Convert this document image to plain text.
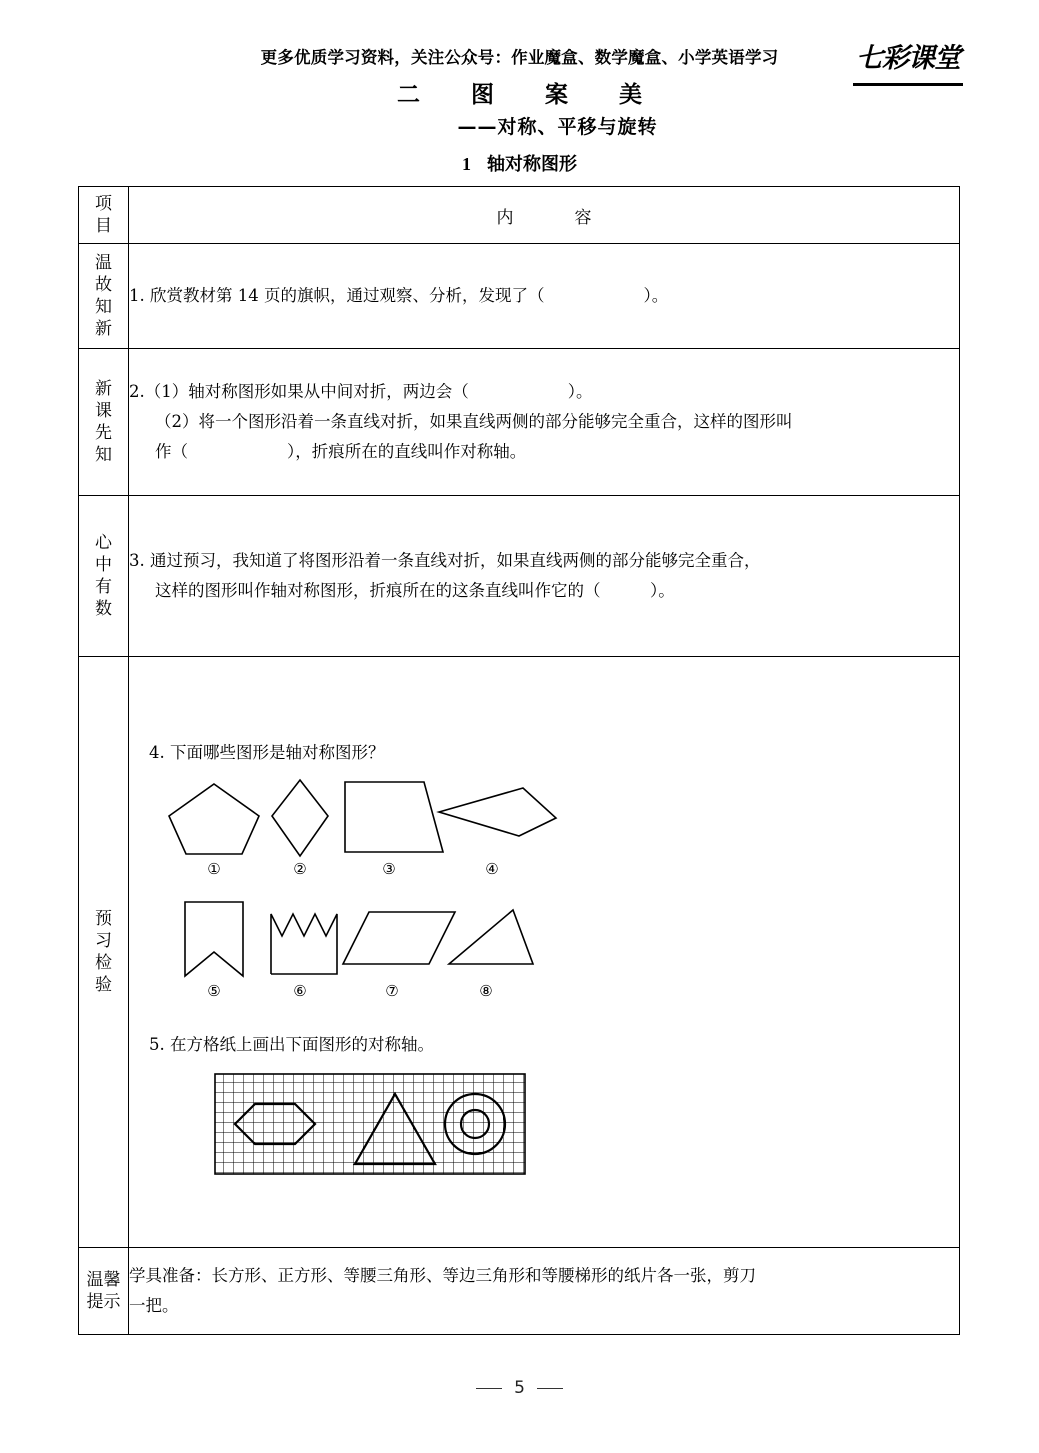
更多优质学习资料，关注公众号：作业魔盒、数学魔盒、小学英语学习	七彩课堂
二　图　案　美
——对称、平移与旋转
1 轴对称图形
项目	内　容

温故知新	1. 欣赏教材第 14 页的旗帜，通过观察、分析，发现了（　　　　　　）。

新课先知	2.（1）轴对称图形如果从中间对折，两边会（　　　　　　）。
（2）将一个图形沿着一条直线对折，如果直线两侧的部分能够完全重合，这样的图形叫
作（　　　　　　），折痕所在的直线叫作对称轴。

心中有数	3. 通过预习，我知道了将图形沿着一条直线对折，如果直线两侧的部分能够完全重合，
这样的图形叫作轴对称图形，折痕所在的这条直线叫作它的（　　　）。

预习检验

4. 下面哪些图形是轴对称图形？
①	②	③	④
⑤	⑥	⑦	⑧
5. 在方格纸上画出下面图形的对称轴。

温馨提示	学具准备：长方形、正方形、等腰三角形、等边三角形和等腰梯形的纸片各一张，剪刀
一把。
5
